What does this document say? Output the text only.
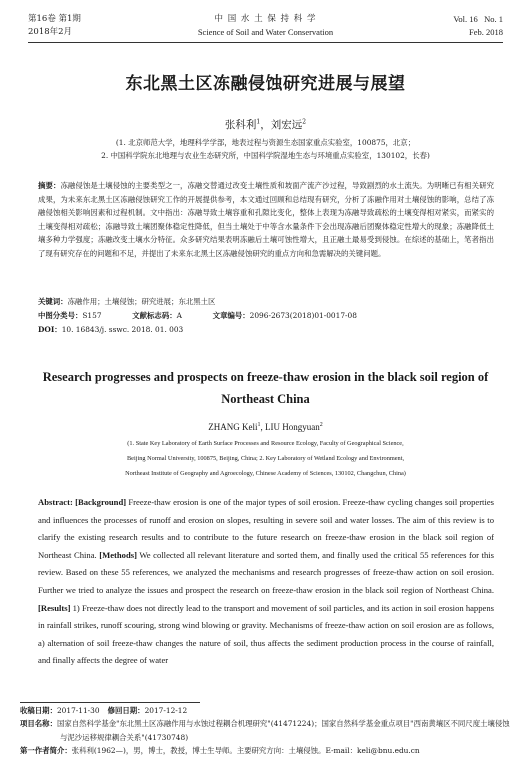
第16卷 第1期
2018年2月
中 国 水 土 保 持 科 学
Science of Soil and Water Conservation
Vol. 16   No. 1
Feb. 2018
东北黑土区冻融侵蚀研究进展与展望
张科利$^1$，刘宏远$^2$
(1. 北京师范大学，地理科学学部，地表过程与资源生态国家重点实验室，100875，北京；
2. 中国科学院东北地理与农业生态研究所，中国科学院湿地生态与环境重点实验室，130102，长春)
摘要：冻融侵蚀是土壤侵蚀的主要类型之一，冻融交替通过改变土壤性质和坡面产流产沙过程，导致剧烈的水土流失。为明晰已有相关研究成果，为未来东北黑土区冻融侵蚀研究工作的开展提供参考，本文通过回顾和总结现有研究，分析了冻融作用对土壤侵蚀的影响，总结了冻融侵蚀相关影响因素和过程机制。文中指出：冻融导致土壤容重和孔隙比变化，整体上表现为冻融导致疏松的土壤变得相对紧实，而紧实的土壤变得相对疏松；冻融导致土壤团聚体稳定性降低，但当土壤处于中等含水量条件下会出现冻融后团聚体稳定性增大的现象；冻融降低土壤多种力学强度；冻融改变土壤水分特征。众多研究结果表明冻融后土壤可蚀性增大，且正融土最易受到侵蚀。在综述的基础上，笔者指出了现有研究存在的问题和不足，并提出了未来东北黑土区冻融侵蚀研究的重点方向和急需解决的关键问题。
关键词：冻融作用；土壤侵蚀；研究进展；东北黑土区
中图分类号：S157	文献标志码：A	文章编号：2096-2673(2018)01-0017-08
DOI：10. 16843/j. sswc. 2018. 01. 003
Research progresses and prospects on freeze-thaw erosion in the black soil region of Northeast China
ZHANG Keli$^1$, LIU Hongyuan$^2$
(1. State Key Laboratory of Earth Surface Processes and Resource Ecology, Faculty of Geographical Science,
Beijing Normal University, 100875, Beijing, China; 2. Key Laboratory of Wetland Ecology and Environment,
Northeast Institute of Geography and Agroecology, Chinese Academy of Sciences, 130102, Changchun, China)
Abstract: [Background] Freeze-thaw erosion is one of the major types of soil erosion. Freeze-thaw cycling changes soil properties and influences the processes of runoff and erosion on slopes, resulting in severe soil and water losses. The aim of this review is to clarify the existing research results and to contribute to the future research on freeze-thaw erosion in the black soil region of Northeast China. [Methods] We collected all relevant literature and sorted them, and finally used the critical 55 references for this review. Based on these 55 references, we analyzed the mechanisms and research progresses of freeze-thaw action on soil erosion. Further we tried to analyze the issues and prospect the research on freeze-thaw erosion in the black soil region of Northeast China. [Results] 1) Freeze-thaw does not directly lead to the transport and movement of soil particles, and its action in soil erosion happens in rainfall strikes, runoff scouring, strong wind blowing or gravity. Mechanisms of freeze-thaw action on soil erosion are as follows, a) alternation of soil freeze-thaw changes the nature of soil, thus affects the sediment production process in the course of rainfall, and finally affects the degree of water
收稿日期：2017-11-30 修回日期：2017-12-12
项目名称：国家自然科学基金"东北黑土区冻融作用与水蚀过程耦合机理研究"(41471224)；国家自然科学基金重点项目"西南黄壤区不同尺度土壤侵蚀与泥沙运移规律耦合关系"(41730748)
第一作者简介：张科利(1962—)，男，博士，教授，博士生导师。主要研究方向：土壤侵蚀。E-mail：keli@bnu.edu.cn
